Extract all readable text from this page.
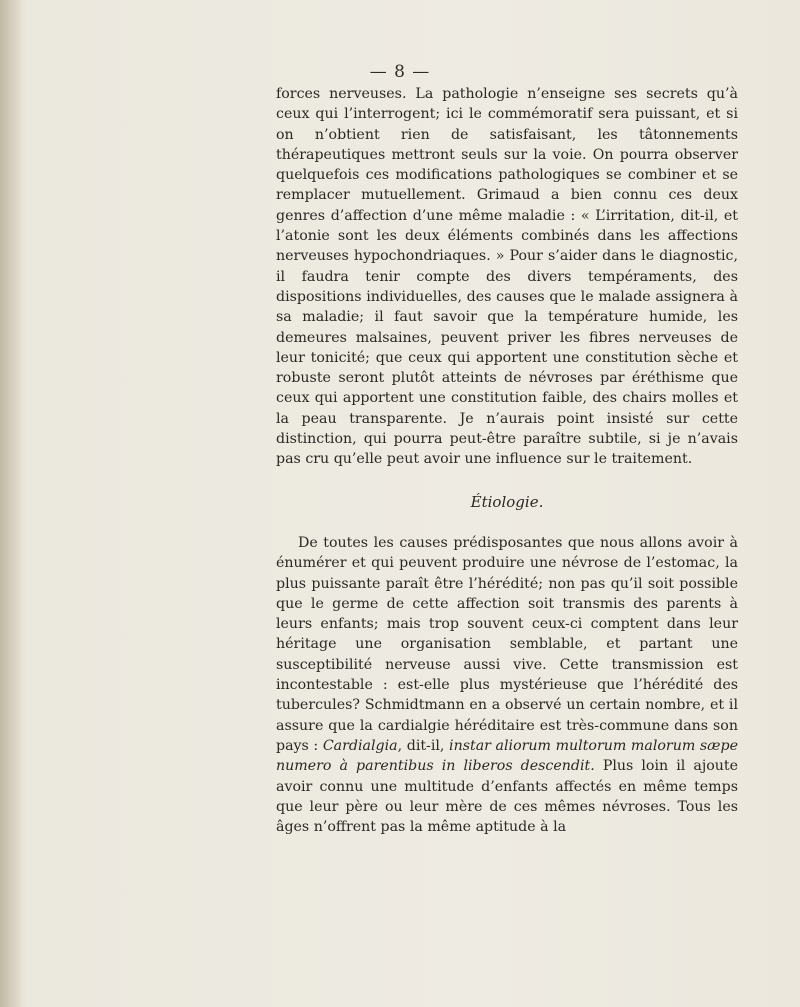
— 8 —

forces nerveuses. La pathologie n’enseigne ses secrets qu’à ceux qui l’interrogent; ici le commémoratif sera puissant, et si on n’obtient rien de satisfaisant, les tâtonnements thérapeutiques mettront seuls sur la voie. On pourra observer quelquefois ces modifications pathologiques se combiner et se remplacer mutuellement. Grimaud a bien connu ces deux genres d’affection d’une même maladie : « L’irritation, dit-il, et l’atonie sont les deux éléments combinés dans les affections nerveuses hypochondriaques. » Pour s’aider dans le diagnostic, il faudra tenir compte des divers tempéraments, des dispositions individuelles, des causes que le malade assignera à sa maladie; il faut savoir que la température humide, les demeures malsaines, peuvent priver les fibres nerveuses de leur tonicité; que ceux qui apportent une constitution sèche et robuste seront plutôt atteints de névroses par éréthisme que ceux qui apportent une constitution faible, des chairs molles et la peau transparente. Je n’aurais point insisté sur cette distinction, qui pourra peut-être paraître subtile, si je n’avais pas cru qu’elle peut avoir une influence sur le traitement.

Étiologie.

De toutes les causes prédisposantes que nous allons avoir à énumérer et qui peuvent produire une névrose de l’estomac, la plus puissante paraît être l’hérédité; non pas qu’il soit possible que le germe de cette affection soit transmis des parents à leurs enfants; mais trop souvent ceux-ci comptent dans leur héritage une organisation semblable, et partant une susceptibilité nerveuse aussi vive. Cette transmission est incontestable : est-elle plus mystérieuse que l’hérédité des tubercules? Schmidtmann en a observé un certain nombre, et il assure que la cardialgie héréditaire est très-commune dans son pays : Cardialgia, dit-il, instar aliorum multorum malorum sæpe numero à parentibus in liberos descendit. Plus loin il ajoute avoir connu une multitude d’enfants affectés en même temps que leur père ou leur mère de ces mêmes névroses. Tous les âges n’offrent pas la même aptitude à la
